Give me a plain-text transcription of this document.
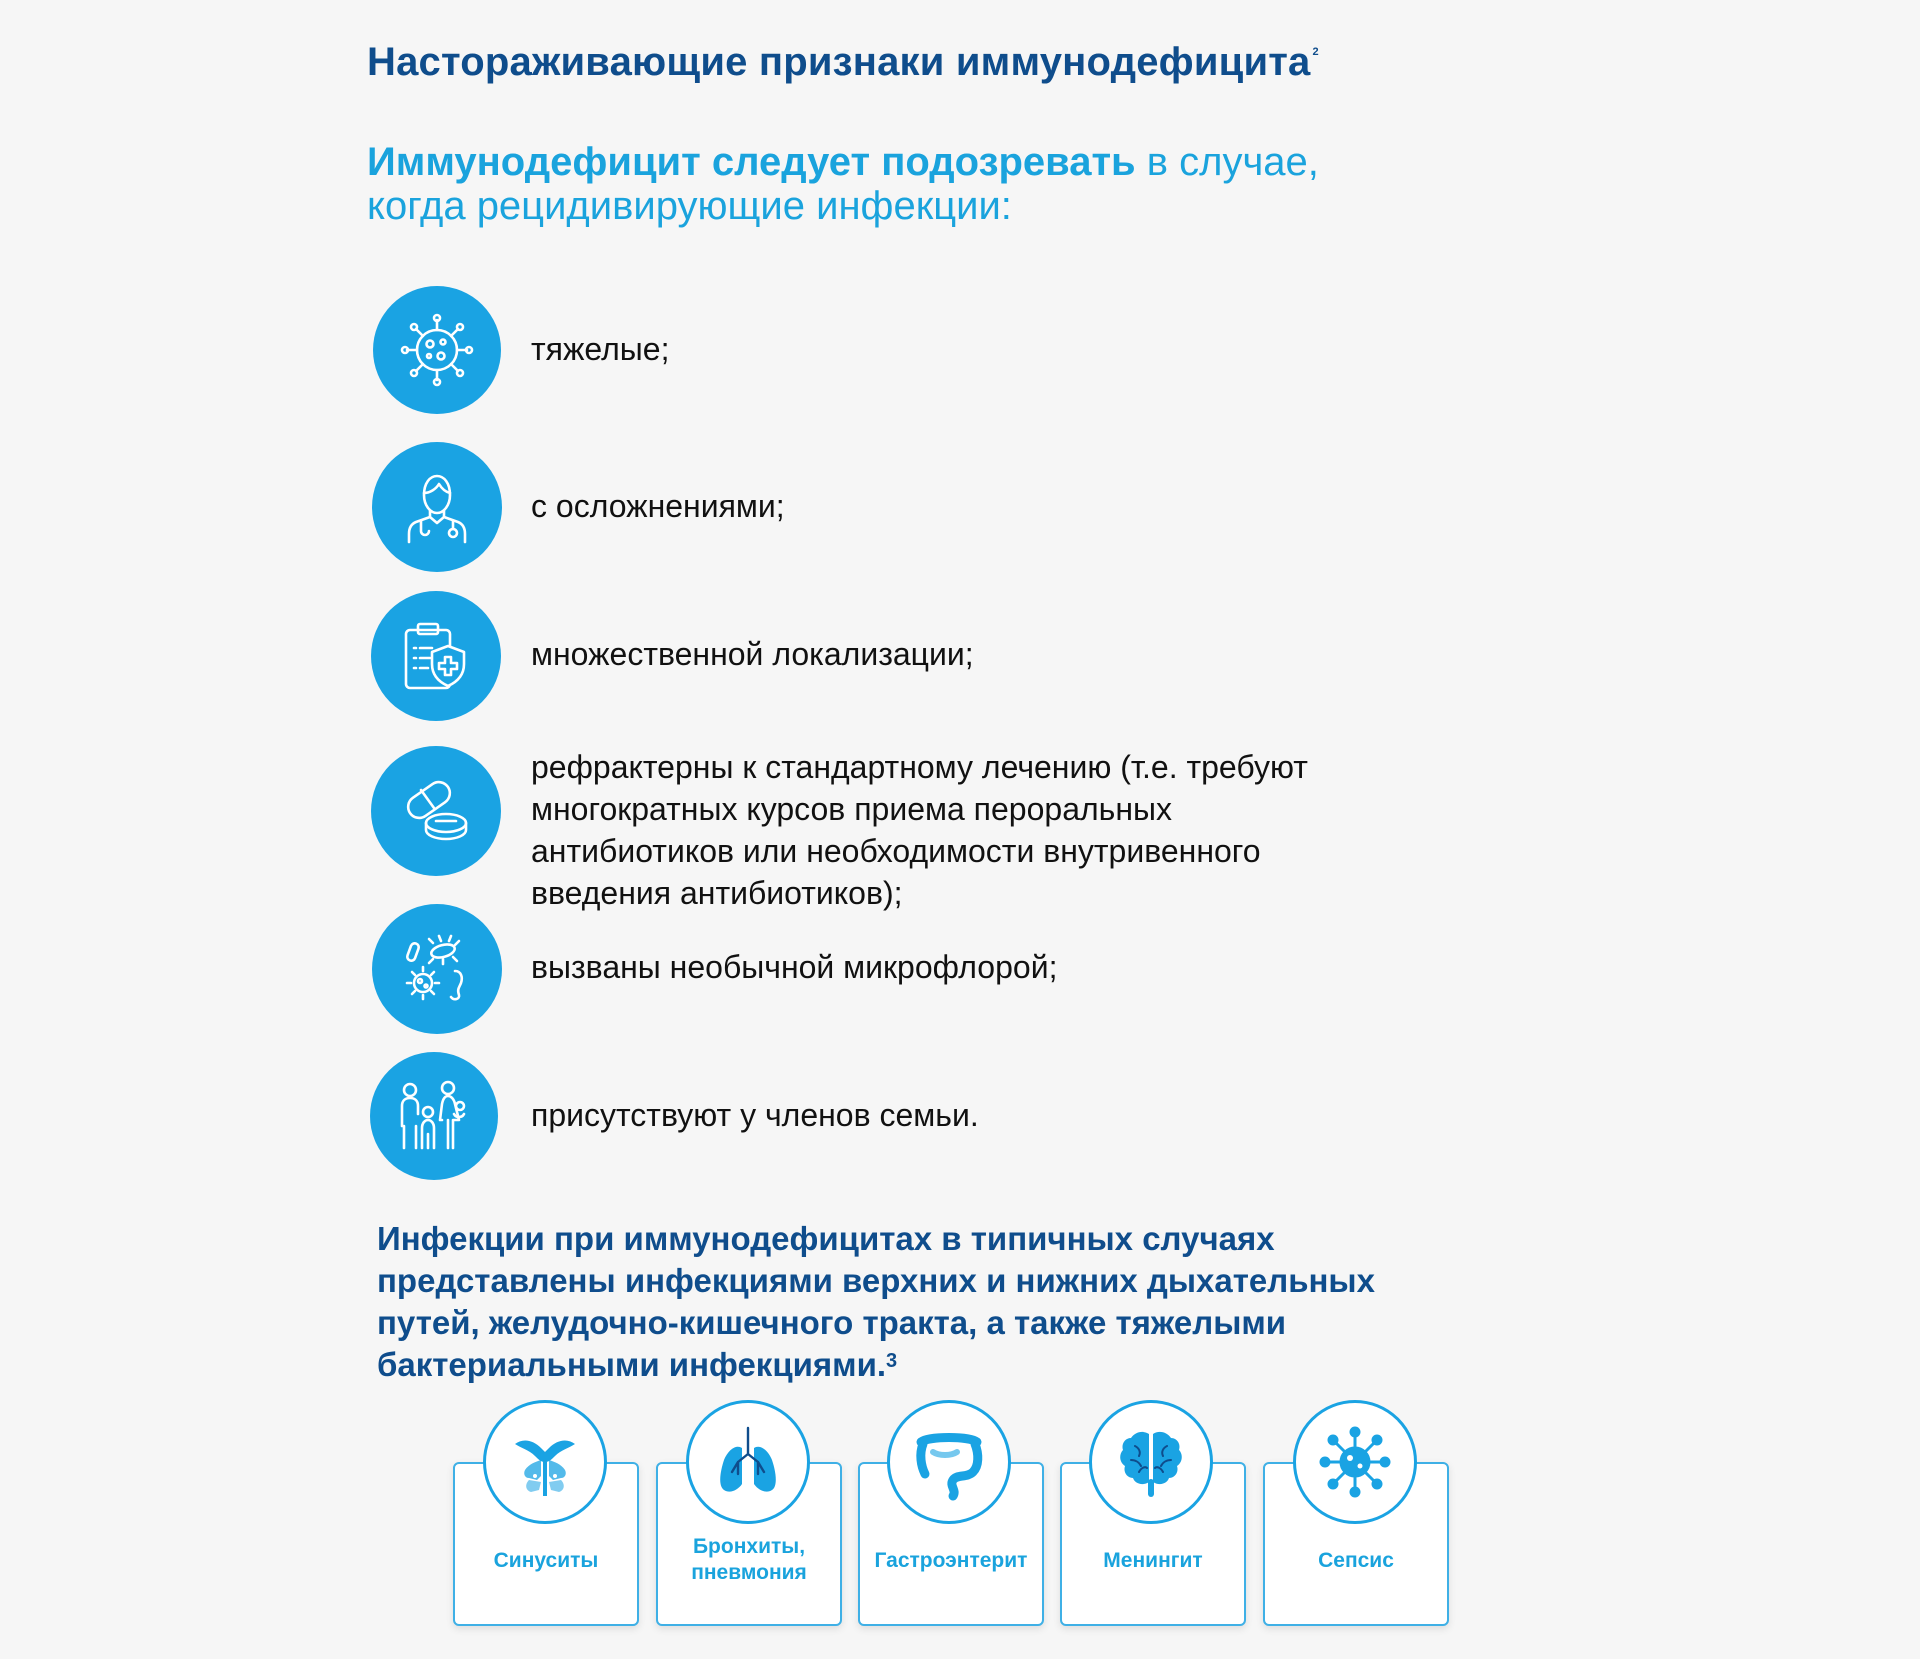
Настораживающие признаки иммунодефицита $^2$
Иммунодефицит следует подозревать в случае,
когда рецидивирующие инфекции:
тяжелые;
с осложнениями;
множественной локализации;
рефрактерны к стандартному лечению (т.е. требуют
многократных курсов приема пероральных
антибиотиков или необходимости внутривенного
введения антибиотиков);
вызваны необычной микрофлорой;
присутствуют у членов семьи.

Инфекции при иммунодефицитах в типичных случаях представлены инфекциями верхних и нижних дыхательных путей, желудочно-кишечного тракта, а также тяжелыми бактериальными инфекциями.$^3$

Синуситы
Бронхиты,
пневмония
Гастроэнтерит	Менингит	Сепсис
